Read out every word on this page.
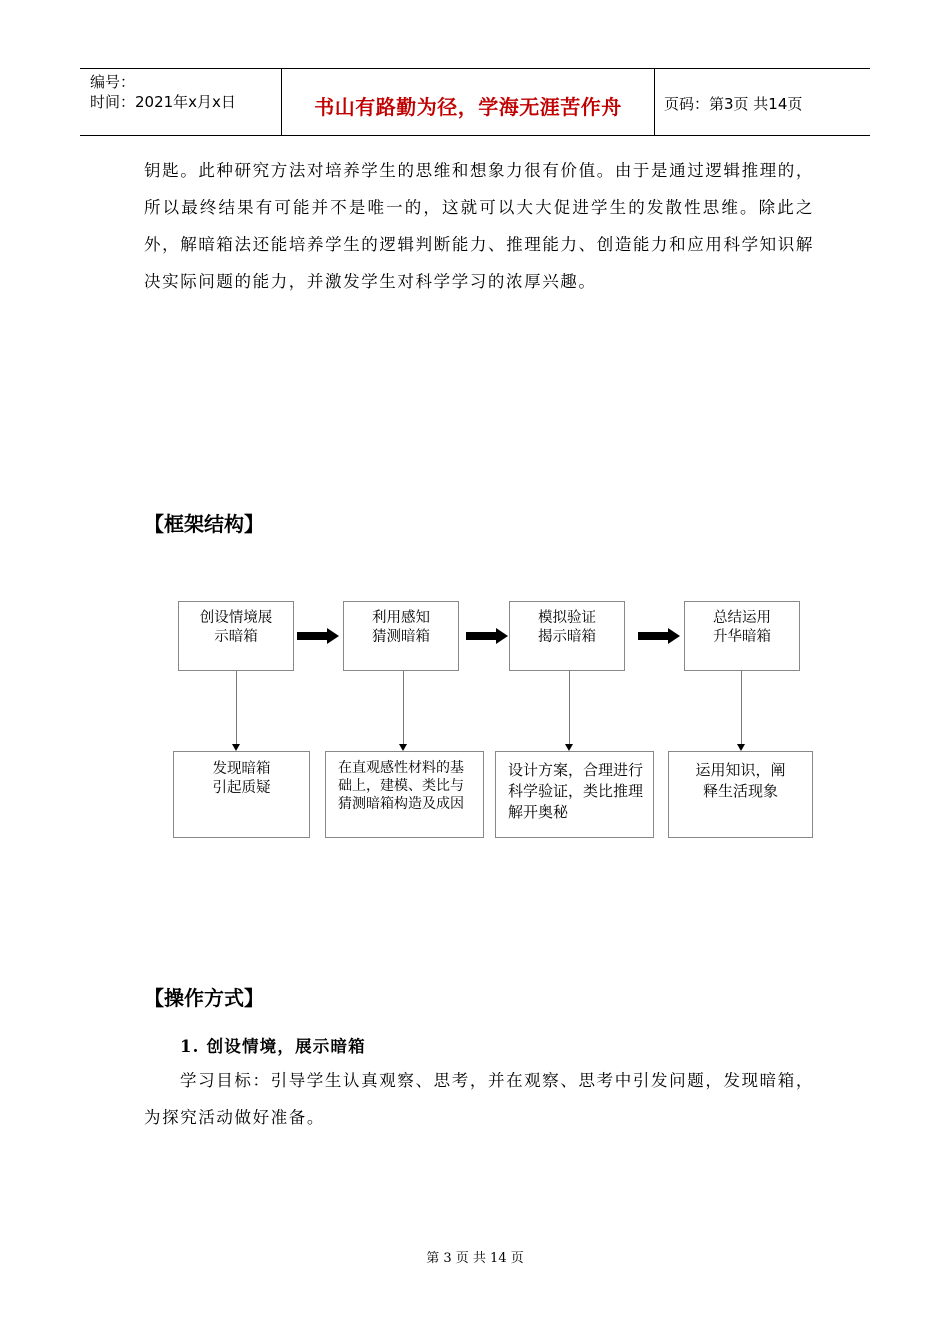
编号：
时间：2021年x月x日	书山有路勤为径，学海无涯苦作舟	页码：第3页 共14页
钥匙。此种研究方法对培养学生的思维和想象力很有价值。由于是通过逻辑推理的，所以最终结果有可能并不是唯一的，这就可以大大促进学生的发散性思维。除此之外，解暗箱法还能培养学生的逻辑判断能力、推理能力、创造能力和应用科学知识解决实际问题的能力，并激发学生对科学学习的浓厚兴趣。
【框架结构】
创设情境展示暗箱
利用感知猜测暗箱
模拟验证揭示暗箱
总结运用升华暗箱
发现暗箱引起质疑
在直观感性材料的基础上，建模、类比与猜测暗箱构造及成因
设计方案，合理进行科学验证，类比推理解开奥秘
运用知识，阐释生活现象
【操作方式】
1. 创设情境，展示暗箱
学习目标：引导学生认真观察、思考，并在观察、思考中引发问题，发现暗箱，为探究活动做好准备。
第 3 页 共 14 页
